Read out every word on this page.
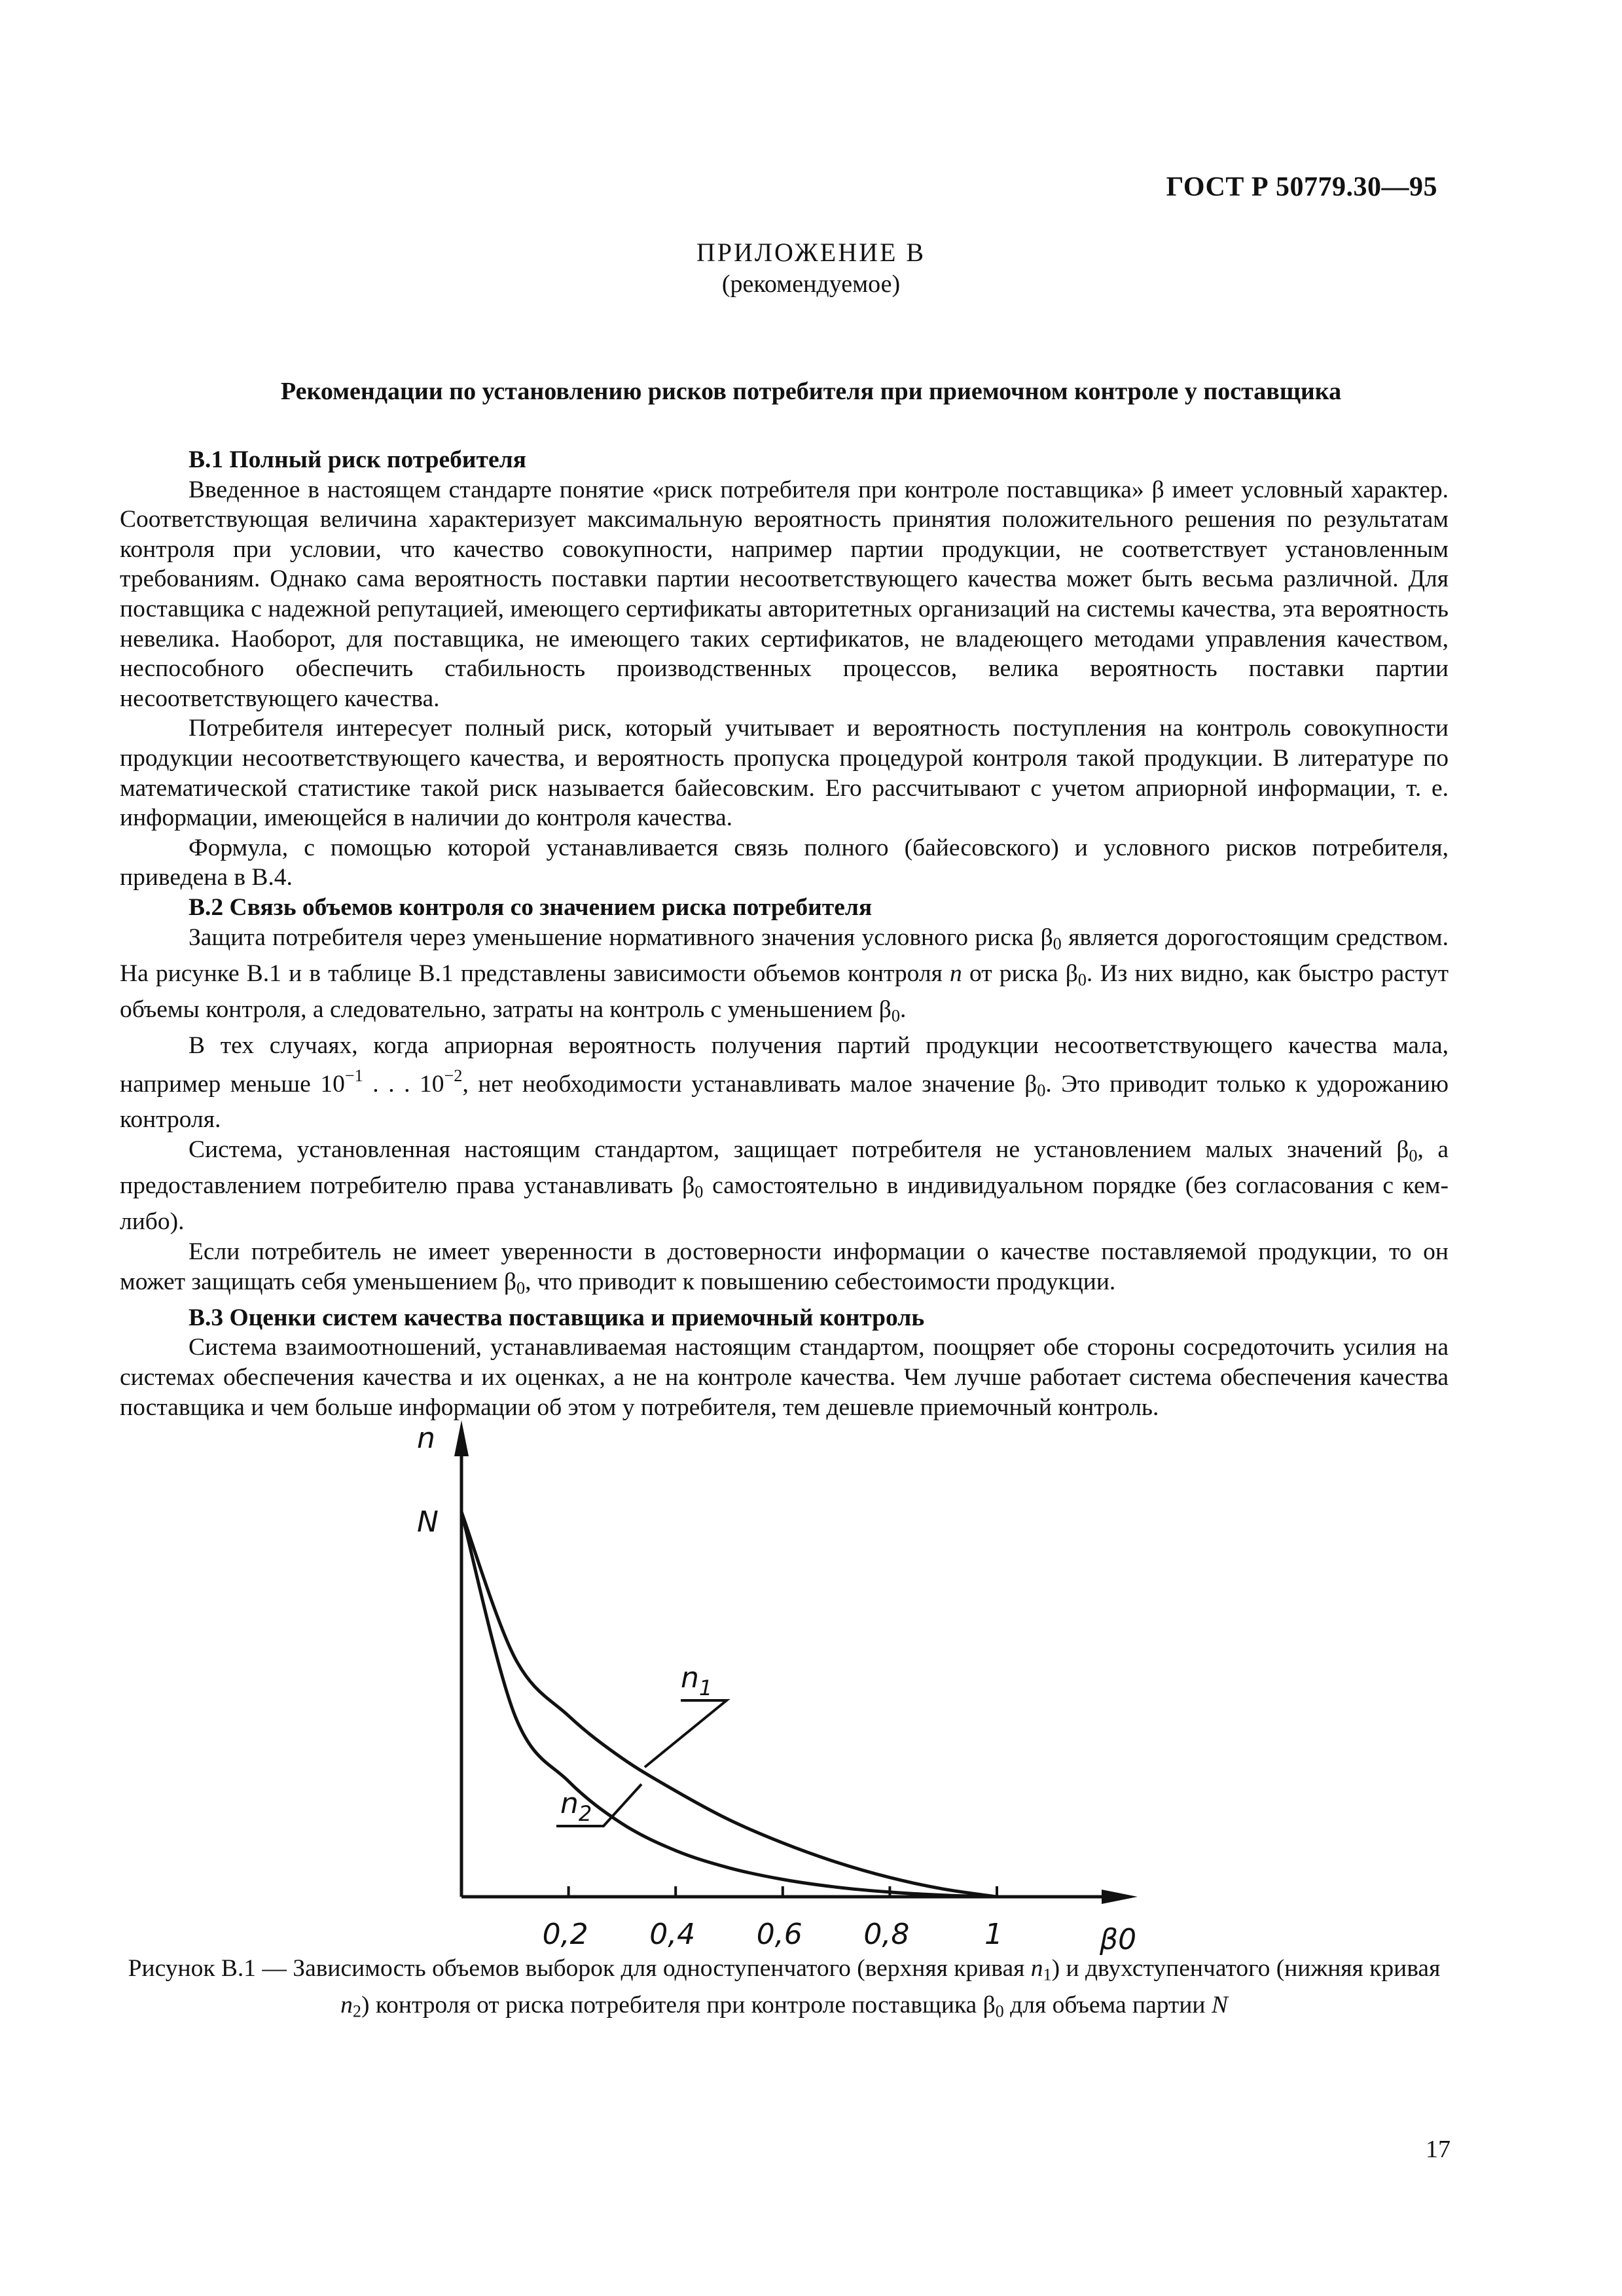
ГОСТ Р 50779.30—95
ПРИЛОЖЕНИЕ В
(рекомендуемое)
Рекомендации по установлению рисков потребителя при приемочном контроле у поставщика
В.1 Полный риск потребителя

Введенное в настоящем стандарте понятие «риск потребителя при контроле поставщика» β имеет условный характер. Соответствующая величина характеризует максимальную вероятность принятия положительного решения по результатам контроля при условии, что качество совокупности, например партии продукции, не соответствует установленным требованиям. Однако сама вероятность поставки партии несоответствующего качества может быть весьма различной. Для поставщика с надежной репутацией, имеющего сертификаты авторитетных организаций на системы качества, эта вероятность невелика. Наоборот, для поставщика, не имеющего таких сертификатов, не владеющего методами управления качеством, неспособного обеспечить стабильность производственных процессов, велика вероятность поставки партии несоответствующего качества.

Потребителя интересует полный риск, который учитывает и вероятность поступления на контроль совокупности продукции несоответствующего качества, и вероятность пропуска процедурой контроля такой продукции. В литературе по математической статистике такой риск называется байесовским. Его рассчитывают с учетом априорной информации, т. е. информации, имеющейся в наличии до контроля качества.

Формула, с помощью которой устанавливается связь полного (байесовского) и условного рисков потребителя, приведена в В.4.

В.2 Связь объемов контроля со значением риска потребителя

Защита потребителя через уменьшение нормативного значения условного риска $\beta_0$ является дорогостоящим средством. На рисунке В.1 и в таблице В.1 представлены зависимости объемов контроля n от риска $\beta_0$. Из них видно, как быстро растут объемы контроля, а следовательно, затраты на контроль с уменьшением $\beta_0$.

В тех случаях, когда априорная вероятность получения партий продукции несоответствующего качества мала, например меньше $10^{-1}$ . . . $10^{-2}$, нет необходимости устанавливать малое значение $\beta_0$. Это приводит только к удорожанию контроля.

Система, установленная настоящим стандартом, защищает потребителя не установлением малых значений $\beta_0$, а предоставлением потребителю права устанавливать $\beta_0$ самостоятельно в индивидуальном порядке (без согласования с кем-либо).

Если потребитель не имеет уверенности в достоверности информации о качестве поставляемой продукции, то он может защищать себя уменьшением $\beta_0$, что приводит к повышению себестоимости продукции.

В.3 Оценки систем качества поставщика и приемочный контроль

Система взаимоотношений, устанавливаемая настоящим стандартом, поощряет обе стороны сосредоточить усилия на системах обеспечения качества и их оценках, а не на контроле качества. Чем лучше работает система обеспечения качества поставщика и чем больше информации об этом у потребителя, тем дешевле приемочный контроль.

0,2 0,4 0,6 0,8	1
n
N
β0
$n_1$
$n_2$
Рисунок В.1 — Зависимость объемов выборок для одноступенчатого (верхняя кривая $n_1$) и двухступенчатого (нижняя кривая $n_2$) контроля от риска потребителя при контроле поставщика $\beta_0$ для объема партии N
17
